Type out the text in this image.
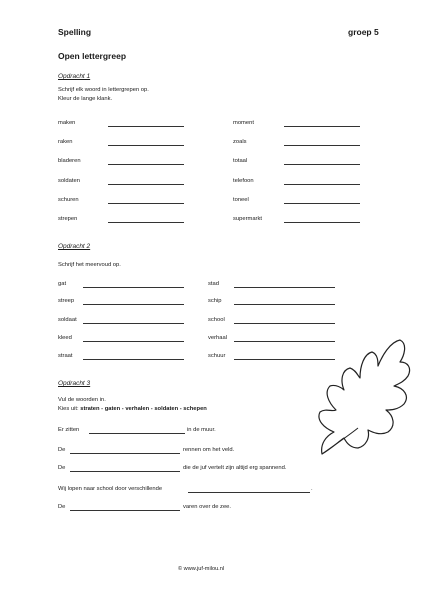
Spelling	groep 5
Open lettergreep
Opdracht 1
Schrijf elk woord in lettergrepen op.
Kleur de lange klank.
maken	moment
raken	zoals
bladeren	totaal
soldaten	telefoon
schuren	toneel
strepen	supermarkt
Opdracht 2
Schrijf het meervoud op.
gat	stad
streep	schip
soldaat	school
kleed	verhaal
straat	schuur
Opdracht 3
Vul de woorden in.
Kies uit: straten - gaten - verhalen - soldaten - schepen
Er zitten	in de muur.
De	rennen om het veld.
De	die de juf vertelt zijn altijd erg spannend.
Wij lopen naar school door verschillende	.
De	varen over de zee.
© www.juf-milou.nl
